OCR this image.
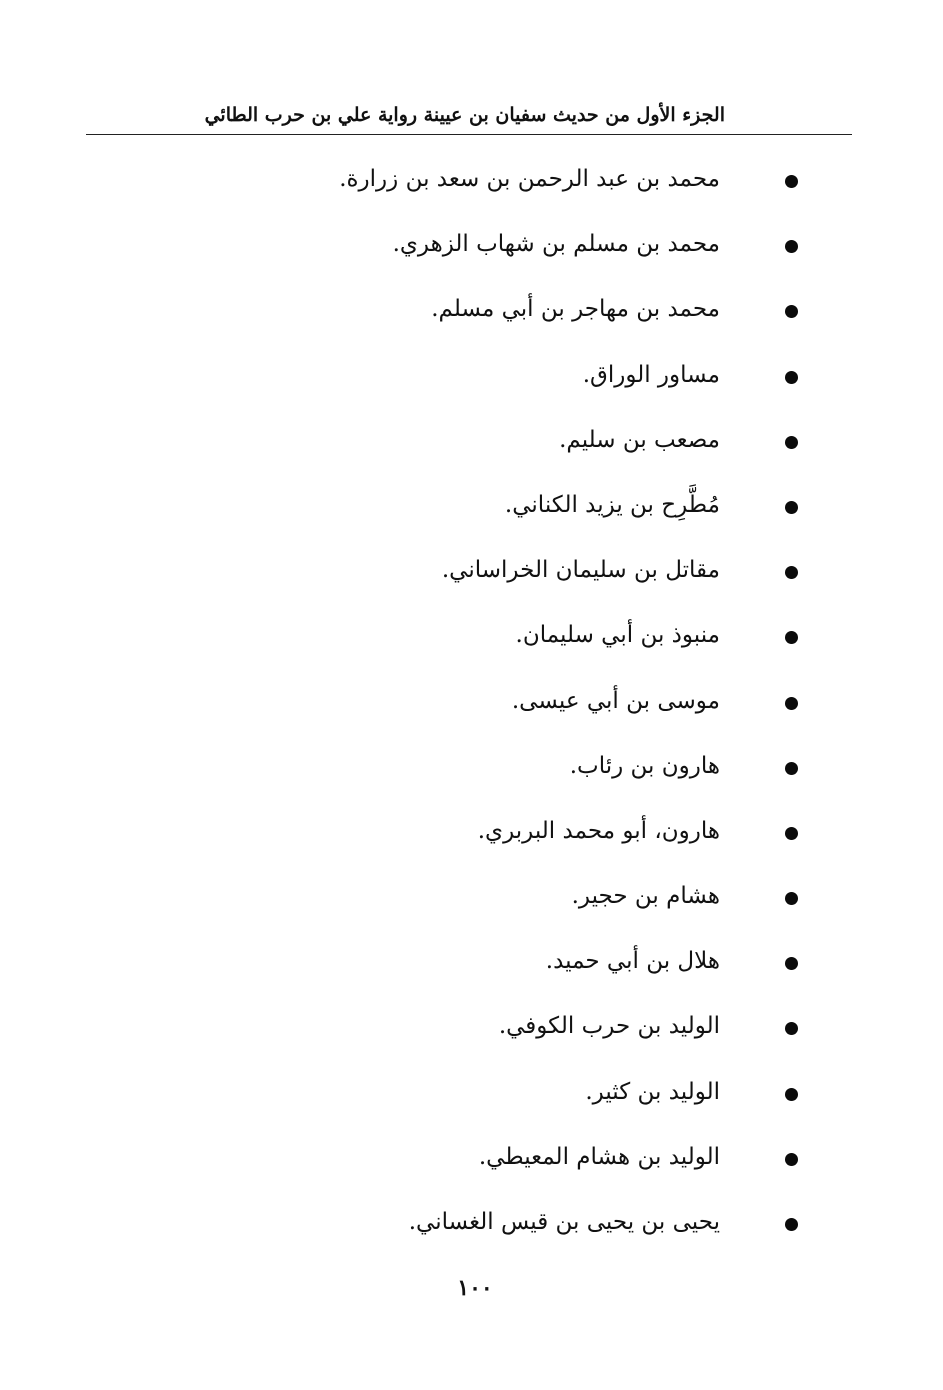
الجزء الأول من حديث سفيان بن عيينة رواية علي بن حرب الطائي
محمد بن عبد الرحمن بن سعد بن زرارة.
محمد بن مسلم بن شهاب الزهري.
محمد بن مهاجر بن أبي مسلم.
مساور الوراق.
مصعب بن سليم.
مُطَّرِح بن يزيد الكناني.
مقاتل بن سليمان الخراساني.
منبوذ بن أبي سليمان.
موسى بن أبي عيسى.
هارون بن رئاب.
هارون، أبو محمد البربري.
هشام بن حجير.
هلال بن أبي حميد.
الوليد بن حرب الكوفي.
الوليد بن كثير.
الوليد بن هشام المعيطي.
يحيى بن يحيى بن قيس الغساني.
١٠٠
